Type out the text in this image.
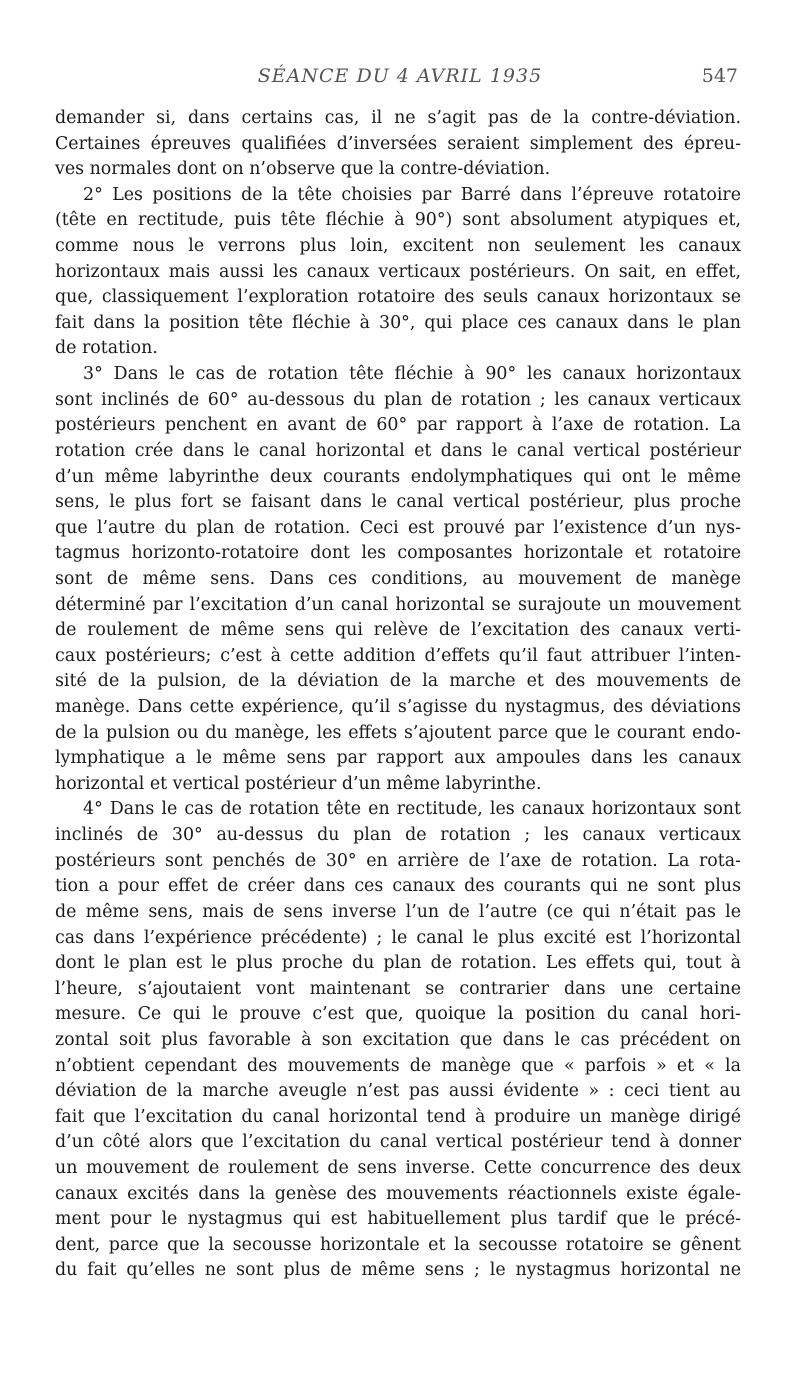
SÉANCE DU 4 AVRIL 1935	547
demander si, dans certains cas, il ne s’agit pas de la contre-déviation.
Certaines épreuves qualifiées d’inversées seraient simplement des épreu-
ves normales dont on n’observe que la contre-déviation.
2° Les positions de la tête choisies par Barré dans l’épreuve rotatoire
(tête en rectitude, puis tête fléchie à 90°) sont absolument atypiques et,
comme nous le verrons plus loin, excitent non seulement les canaux
horizontaux mais aussi les canaux verticaux postérieurs. On sait, en effet,
que, classiquement l’exploration rotatoire des seuls canaux horizontaux se
fait dans la position tête fléchie à 30°, qui place ces canaux dans le plan
de rotation.
3° Dans le cas de rotation tête fléchie à 90° les canaux horizontaux
sont inclinés de 60° au-dessous du plan de rotation ; les canaux verticaux
postérieurs penchent en avant de 60° par rapport à l’axe de rotation. La
rotation crée dans le canal horizontal et dans le canal vertical postérieur
d’un même labyrinthe deux courants endolymphatiques qui ont le même
sens, le plus fort se faisant dans le canal vertical postérieur, plus proche
que l’autre du plan de rotation. Ceci est prouvé par l’existence d’un nys-
tagmus horizonto-rotatoire dont les composantes horizontale et rotatoire
sont de même sens. Dans ces conditions, au mouvement de manège
déterminé par l’excitation d’un canal horizontal se surajoute un mouvement
de roulement de même sens qui relève de l’excitation des canaux verti-
caux postérieurs; c’est à cette addition d’effets qu’il faut attribuer l’inten-
sité de la pulsion, de la déviation de la marche et des mouvements de
manège. Dans cette expérience, qu’il s’agisse du nystagmus, des déviations
de la pulsion ou du manège, les effets s’ajoutent parce que le courant endo-
lymphatique a le même sens par rapport aux ampoules dans les canaux
horizontal et vertical postérieur d’un même labyrinthe.
4° Dans le cas de rotation tête en rectitude, les canaux horizontaux sont
inclinés de 30° au-dessus du plan de rotation ; les canaux verticaux
postérieurs sont penchés de 30° en arrière de l’axe de rotation. La rota-
tion a pour effet de créer dans ces canaux des courants qui ne sont plus
de même sens, mais de sens inverse l’un de l’autre (ce qui n’était pas le
cas dans l’expérience précédente) ; le canal le plus excité est l’horizontal
dont le plan est le plus proche du plan de rotation. Les effets qui, tout à
l’heure, s’ajoutaient vont maintenant se contrarier dans une certaine
mesure. Ce qui le prouve c’est que, quoique la position du canal hori-
zontal soit plus favorable à son excitation que dans le cas précédent on
n’obtient cependant des mouvements de manège que « parfois » et « la
déviation de la marche aveugle n’est pas aussi évidente » : ceci tient au
fait que l’excitation du canal horizontal tend à produire un manège dirigé
d’un côté alors que l’excitation du canal vertical postérieur tend à donner
un mouvement de roulement de sens inverse. Cette concurrence des deux
canaux excités dans la genèse des mouvements réactionnels existe égale-
ment pour le nystagmus qui est habituellement plus tardif que le précé-
dent, parce que la secousse horizontale et la secousse rotatoire se gênent
du fait qu’elles ne sont plus de même sens ; le nystagmus horizontal ne
